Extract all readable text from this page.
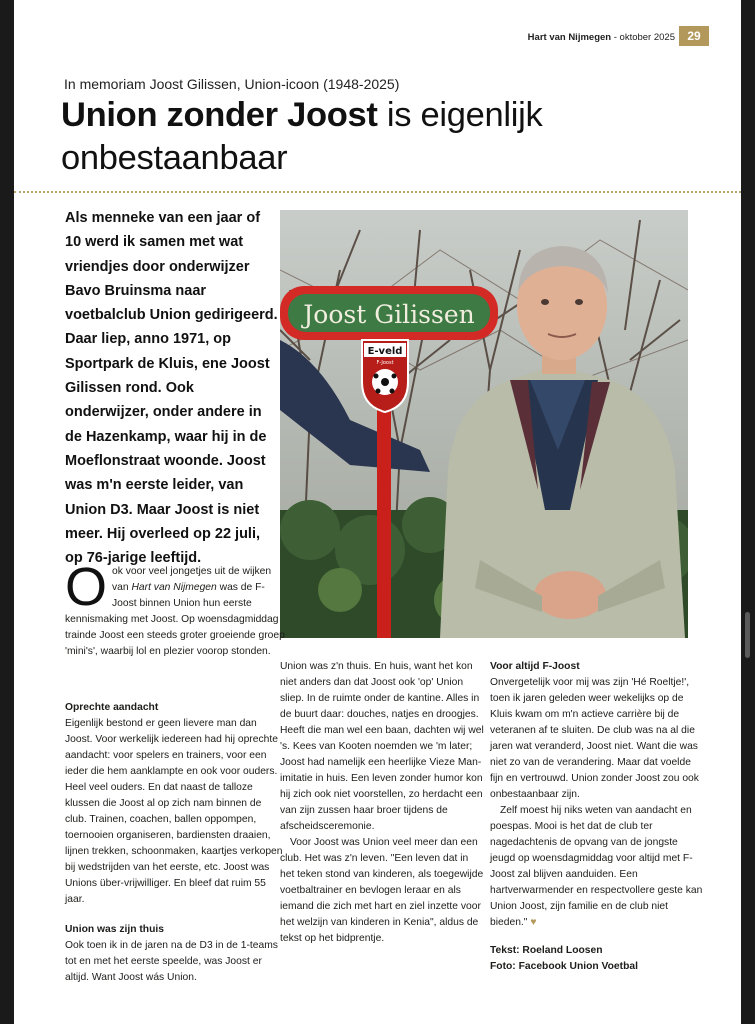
Hart van Nijmegen - oktober 2025	29
In memoriam Joost Gilissen, Union-icoon (1948-2025)
Union zonder Joost is eigenlijk onbestaanbaar
Als menneke van een jaar of 10 werd ik samen met wat vriendjes door onderwijzer Bavo Bruinsma naar voetbalclub Union gedirigeerd. Daar liep, anno 1971, op Sportpark de Kluis, ene Joost Gilissen rond. Ook onderwijzer, onder andere in de Hazenkamp, waar hij in de Moeflonstraat woonde. Joost was m'n eerste leider, van Union D3. Maar Joost is niet meer. Hij overleed op 22 juli, op 76-jarige leeftijd.
Joost Gilissen
E-veld
F-Joost
O ok voor veel jongetjes uit de wijken van Hart van Nijmegen was de F-Joost binnen Union hun eerste kennismaking met Joost. Op woensdagmiddag trainde Joost een steeds groter groeiende groep 'mini's', waarbij lol en plezier voorop stonden.

Oprechte aandacht

Eigenlijk bestond er geen lievere man dan Joost. Voor werkelijk iedereen had hij oprechte aandacht: voor spelers en trainers, voor een ieder die hem aanklampte en ook voor ouders. Heel veel ouders. En dat naast de talloze klussen die Joost al op zich nam binnen de club. Trainen, coachen, ballen oppompen, toernooien organiseren, bardiensten draaien, lijnen trekken, schoonmaken, kaartjes verkopen bij wedstrijden van het eerste, etc. Joost was Unions über-vrijwilliger. En bleef dat ruim 55 jaar.

Union was zijn thuis

Ook toen ik in de jaren na de D3 in de 1-teams tot en met het eerste speelde, was Joost er altijd. Want Joost wás Union.

Union was z'n thuis. En huis, want het kon niet anders dan dat Joost ook 'op' Union sliep. In de ruimte onder de kantine. Alles in de buurt daar: douches, natjes en droogjes. Heeft die man wel een baan, dachten wij wel 's. Kees van Kooten noemden we 'm later; Joost had namelijk een heerlijke Vieze Man-imitatie in huis. Een leven zonder humor kon hij zich ook niet voorstellen, zo herdacht een van zijn zussen haar broer tijdens de afscheidsceremonie.

Voor Joost was Union veel meer dan een club. Het was z'n leven. "Een leven dat in het teken stond van kinderen, als toegewijde voetbaltrainer en bevlogen leraar en als iemand die zich met hart en ziel inzette voor het welzijn van kinderen in Kenia", aldus de tekst op het bidprentje.

Voor altijd F-Joost

Onvergetelijk voor mij was zijn 'Hé Roeltje!', toen ik jaren geleden weer wekelijks op de Kluis kwam om m'n actieve carrière bij de veteranen af te sluiten. De club was na al die jaren wat veranderd, Joost niet. Want die was niet zo van de verandering. Maar dat voelde fijn en vertrouwd. Union zonder Joost zou ook onbestaanbaar zijn.

Zelf moest hij niks weten van aandacht en poespas. Mooi is het dat de club ter nagedachtenis de opvang van de jongste jeugd op woensdagmiddag voor altijd met F-Joost zal blijven aanduiden. Een hartverwarmender en respectvollere geste kan Union Joost, zijn familie en de club niet bieden." ♥

Tekst: Roeland Loosen
Foto: Facebook Union Voetbal
